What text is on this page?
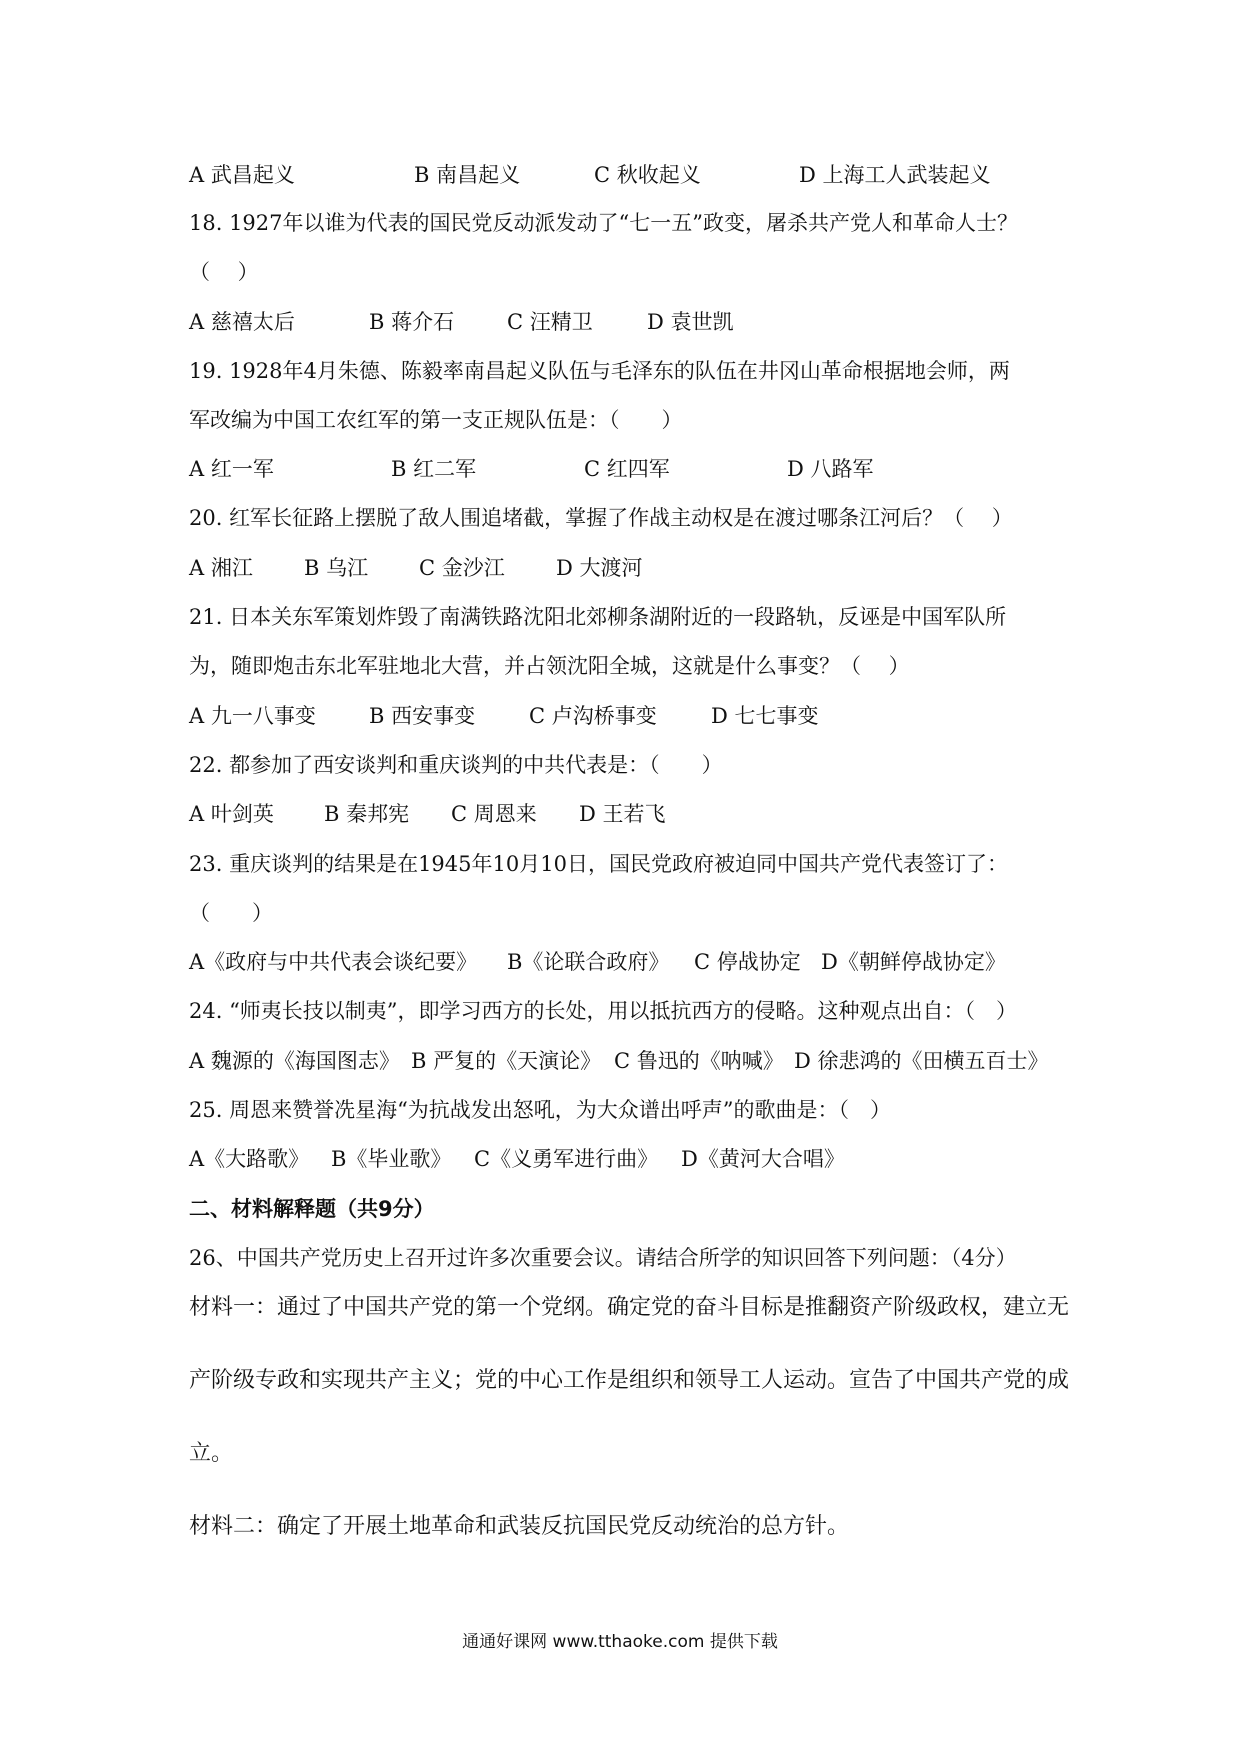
A 武昌起义	B 南昌起义	C 秋收起义	D 上海工人武装起义
18. 1927年以谁为代表的国民党反动派发动了“七一五”政变，屠杀共产党人和革命人士？
（　 ）
A 慈禧太后	B 蒋介石	C 汪精卫	D 袁世凯
19. 1928年4月朱德、陈毅率南昌起义队伍与毛泽东的队伍在井冈山革命根据地会师，两
军改编为中国工农红军的第一支正规队伍是：（　　）
A 红一军	B 红二军	C 红四军	D 八路军
20. 红军长征路上摆脱了敌人围追堵截，掌握了作战主动权是在渡过哪条江河后？（　 ）
A 湘江 B 乌江 C 金沙江 D 大渡河
21. 日本关东军策划炸毁了南满铁路沈阳北郊柳条湖附近的一段路轨，反诬是中国军队所
为，随即炮击东北军驻地北大营，并占领沈阳全城，这就是什么事变？（　 ）
A 九一八事变	B 西安事变	C 卢沟桥事变	D 七七事变
22. 都参加了西安谈判和重庆谈判的中共代表是：（　　）
A 叶剑英 B 秦邦宪 C 周恩来 D 王若飞
23. 重庆谈判的结果是在1945年10月10日，国民党政府被迫同中国共产党代表签订了：
（　　）
A《政府与中共代表会谈纪要》 B《论联合政府》 C 停战协定 D《朝鲜停战协定》
24. “师夷长技以制夷”，即学习西方的长处，用以抵抗西方的侵略。这种观点出自：（　）
A 魏源的《海国图志》 B 严复的《天演论》 C 鲁迅的《呐喊》 D 徐悲鸿的《田横五百士》
25. 周恩来赞誉冼星海“为抗战发出怒吼，为大众谱出呼声”的歌曲是：（　）
A《大路歌》 B《毕业歌》 C《义勇军进行曲》 D《黄河大合唱》
二、材料解释题（共9分）
26、中国共产党历史上召开过许多次重要会议。请结合所学的知识回答下列问题：（4分）
材料一：通过了中国共产党的第一个党纲。确定党的奋斗目标是推翻资产阶级政权，建立无
产阶级专政和实现共产主义；党的中心工作是组织和领导工人运动。宣告了中国共产党的成
立。
材料二：确定了开展土地革命和武装反抗国民党反动统治的总方针。
通通好课网 www.tthaoke.com 提供下载
